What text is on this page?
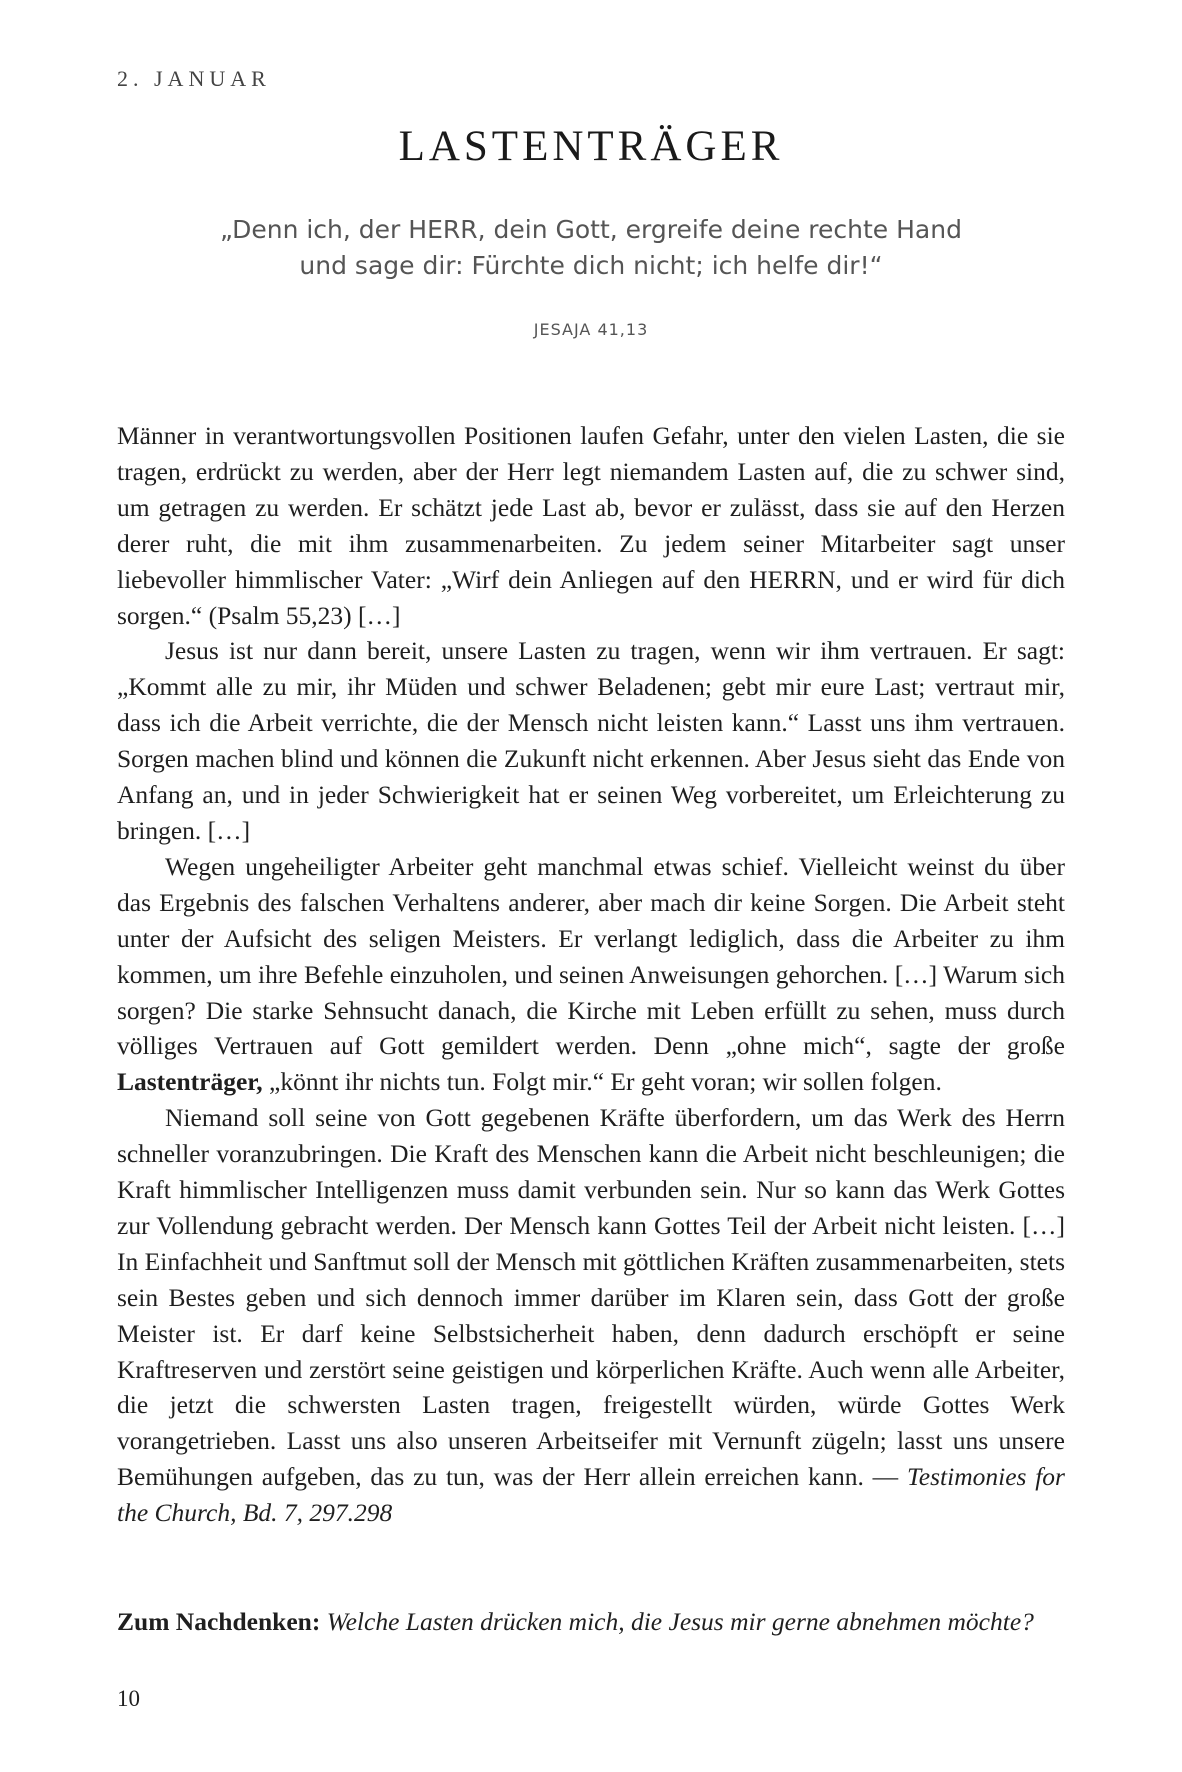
2. JANUAR

LASTENTRÄGER
„Denn ich, der HERR, dein Gott, ergreife deine rechte Hand
und sage dir: Fürchte dich nicht; ich helfe dir!“

JESAJA 41,13

Männer in verantwortungsvollen Positionen laufen Gefahr, unter den vielen Lasten, die sie tragen, erdrückt zu werden, aber der Herr legt niemandem Lasten auf, die zu schwer sind, um getragen zu werden. Er schätzt jede Last ab, bevor er zulässt, dass sie auf den Herzen derer ruht, die mit ihm zusammenarbeiten. Zu jedem seiner Mitarbeiter sagt unser liebevoller himmlischer Vater: „Wirf dein Anliegen auf den HERRN, und er wird für dich sorgen.“ (Psalm 55,23) […]

Jesus ist nur dann bereit, unsere Lasten zu tragen, wenn wir ihm vertrauen. Er sagt: „Kommt alle zu mir, ihr Müden und schwer Beladenen; gebt mir eure Last; vertraut mir, dass ich die Arbeit verrichte, die der Mensch nicht leisten kann.“ Lasst uns ihm vertrauen. Sorgen machen blind und können die Zukunft nicht erkennen. Aber Jesus sieht das Ende von Anfang an, und in jeder Schwierigkeit hat er seinen Weg vorbereitet, um Erleichterung zu bringen. […]

Wegen ungeheiligter Arbeiter geht manchmal etwas schief. Vielleicht weinst du über das Ergebnis des falschen Verhaltens anderer, aber mach dir keine Sorgen. Die Arbeit steht unter der Aufsicht des seligen Meisters. Er verlangt lediglich, dass die Arbeiter zu ihm kommen, um ihre Befehle einzuholen, und seinen Anweisungen gehorchen. […] Warum sich sorgen? Die starke Sehnsucht danach, die Kirche mit Leben erfüllt zu sehen, muss durch völliges Vertrauen auf Gott gemildert werden. Denn „ohne mich“, sagte der große Lastenträger, „könnt ihr nichts tun. Folgt mir.“ Er geht voran; wir sollen folgen.

Niemand soll seine von Gott gegebenen Kräfte überfordern, um das Werk des Herrn schneller voranzubringen. Die Kraft des Menschen kann die Arbeit nicht beschleunigen; die Kraft himmlischer Intelligenzen muss damit verbunden sein. Nur so kann das Werk Gottes zur Vollendung gebracht werden. Der Mensch kann Gottes Teil der Arbeit nicht leisten. […] In Einfachheit und Sanftmut soll der Mensch mit göttlichen Kräften zusammenarbeiten, stets sein Bestes geben und sich dennoch immer darüber im Klaren sein, dass Gott der große Meister ist. Er darf keine Selbstsicherheit haben, denn dadurch erschöpft er seine Kraftreserven und zerstört seine geistigen und körperlichen Kräfte. Auch wenn alle Arbeiter, die jetzt die schwersten Lasten tragen, freigestellt würden, würde Gottes Werk vorangetrieben. Lasst uns also unseren Arbeitseifer mit Vernunft zügeln; lasst uns unsere Bemühungen aufgeben, das zu tun, was der Herr allein erreichen kann. — Testimonies for the Church, Bd. 7, 297.298

Zum Nachdenken: Welche Lasten drücken mich, die Jesus mir gerne abnehmen möchte?

10
